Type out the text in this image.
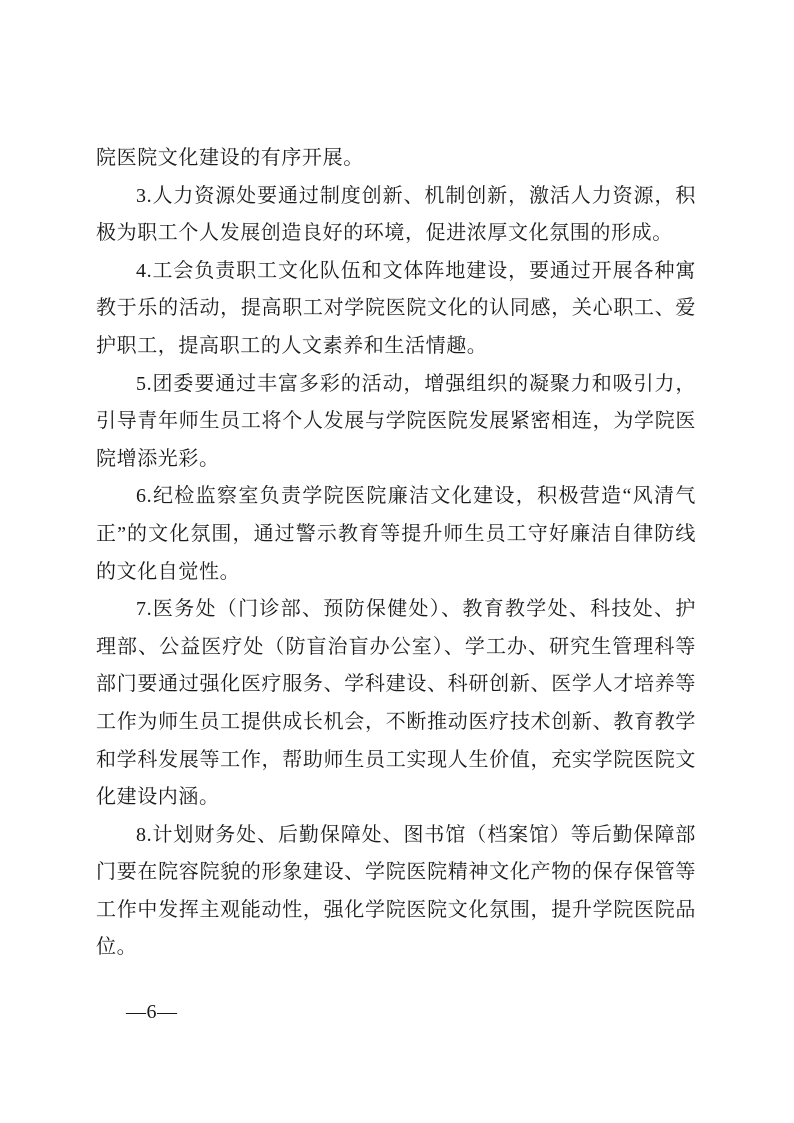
院医院文化建设的有序开展。

3.人力资源处要通过制度创新、机制创新，激活人力资源，积极为职工个人发展创造良好的环境，促进浓厚文化氛围的形成。

4.工会负责职工文化队伍和文体阵地建设，要通过开展各种寓教于乐的活动，提高职工对学院医院文化的认同感，关心职工、爱护职工，提高职工的人文素养和生活情趣。

5.团委要通过丰富多彩的活动，增强组织的凝聚力和吸引力，引导青年师生员工将个人发展与学院医院发展紧密相连，为学院医院增添光彩。

6.纪检监察室负责学院医院廉洁文化建设，积极营造“风清气正”的文化氛围，通过警示教育等提升师生员工守好廉洁自律防线的文化自觉性。

7.医务处（门诊部、预防保健处）、教育教学处、科技处、护理部、公益医疗处（防盲治盲办公室）、学工办、研究生管理科等部门要通过强化医疗服务、学科建设、科研创新、医学人才培养等工作为师生员工提供成长机会，不断推动医疗技术创新、教育教学和学科发展等工作，帮助师生员工实现人生价值，充实学院医院文化建设内涵。

8.计划财务处、后勤保障处、图书馆（档案馆）等后勤保障部门要在院容院貌的形象建设、学院医院精神文化产物的保存保管等工作中发挥主观能动性，强化学院医院文化氛围，提升学院医院品位。

—6—
